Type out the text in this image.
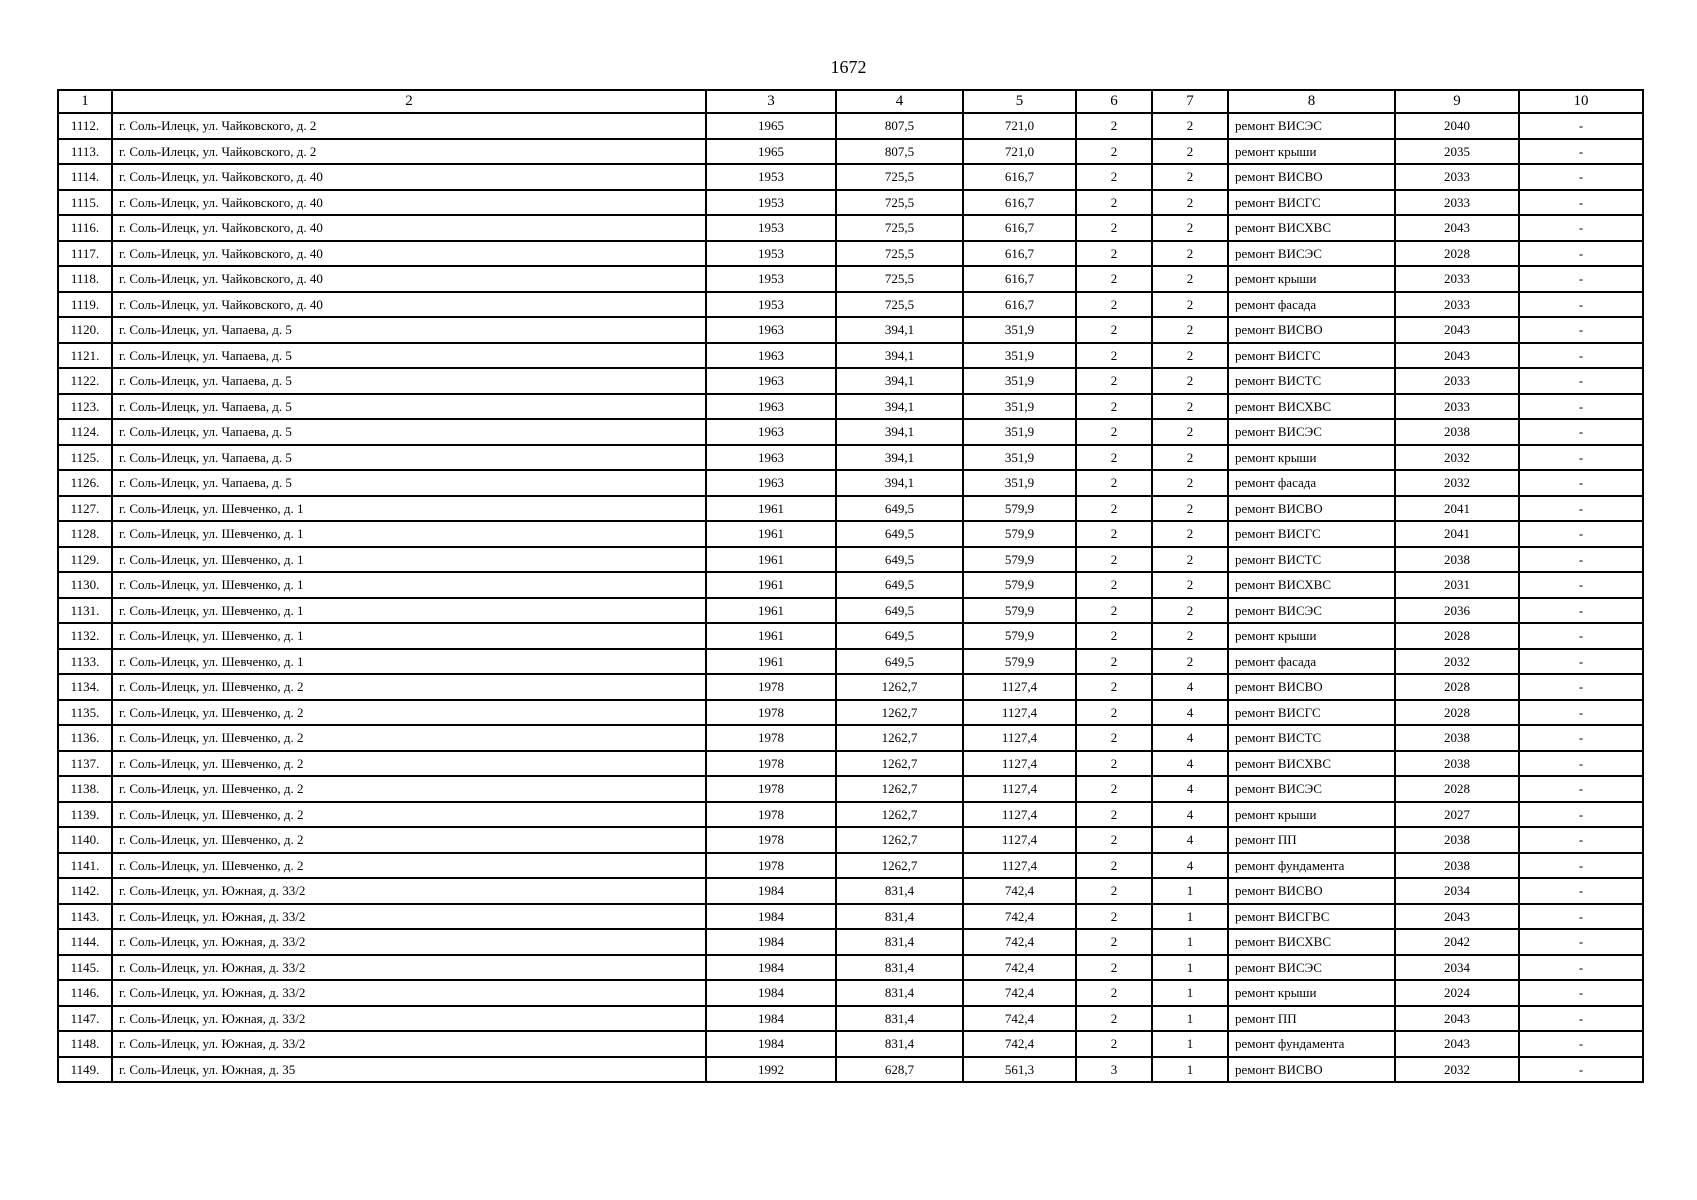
1672
1	2	3	4	5	6	7	8	9	10
1112.	г. Соль-Илецк, ул. Чайковского, д. 2	1965	807,5	721,0	2	2	ремонт ВИСЭС	2040	-
1113.	г. Соль-Илецк, ул. Чайковского, д. 2	1965	807,5	721,0	2	2	ремонт крыши	2035	-
1114.	г. Соль-Илецк, ул. Чайковского, д. 40	1953	725,5	616,7	2	2	ремонт ВИСВО	2033	-
1115.	г. Соль-Илецк, ул. Чайковского, д. 40	1953	725,5	616,7	2	2	ремонт ВИСГС	2033	-
1116.	г. Соль-Илецк, ул. Чайковского, д. 40	1953	725,5	616,7	2	2	ремонт ВИСХВС	2043	-
1117.	г. Соль-Илецк, ул. Чайковского, д. 40	1953	725,5	616,7	2	2	ремонт ВИСЭС	2028	-
1118.	г. Соль-Илецк, ул. Чайковского, д. 40	1953	725,5	616,7	2	2	ремонт крыши	2033	-
1119.	г. Соль-Илецк, ул. Чайковского, д. 40	1953	725,5	616,7	2	2	ремонт фасада	2033	-
1120.	г. Соль-Илецк, ул. Чапаева, д. 5	1963	394,1	351,9	2	2	ремонт ВИСВО	2043	-
1121.	г. Соль-Илецк, ул. Чапаева, д. 5	1963	394,1	351,9	2	2	ремонт ВИСГС	2043	-
1122.	г. Соль-Илецк, ул. Чапаева, д. 5	1963	394,1	351,9	2	2	ремонт ВИСТС	2033	-
1123.	г. Соль-Илецк, ул. Чапаева, д. 5	1963	394,1	351,9	2	2	ремонт ВИСХВС	2033	-
1124.	г. Соль-Илецк, ул. Чапаева, д. 5	1963	394,1	351,9	2	2	ремонт ВИСЭС	2038	-
1125.	г. Соль-Илецк, ул. Чапаева, д. 5	1963	394,1	351,9	2	2	ремонт крыши	2032	-
1126.	г. Соль-Илецк, ул. Чапаева, д. 5	1963	394,1	351,9	2	2	ремонт фасада	2032	-
1127.	г. Соль-Илецк, ул. Шевченко, д. 1	1961	649,5	579,9	2	2	ремонт ВИСВО	2041	-
1128.	г. Соль-Илецк, ул. Шевченко, д. 1	1961	649,5	579,9	2	2	ремонт ВИСГС	2041	-
1129.	г. Соль-Илецк, ул. Шевченко, д. 1	1961	649,5	579,9	2	2	ремонт ВИСТС	2038	-
1130.	г. Соль-Илецк, ул. Шевченко, д. 1	1961	649,5	579,9	2	2	ремонт ВИСХВС	2031	-
1131.	г. Соль-Илецк, ул. Шевченко, д. 1	1961	649,5	579,9	2	2	ремонт ВИСЭС	2036	-
1132.	г. Соль-Илецк, ул. Шевченко, д. 1	1961	649,5	579,9	2	2	ремонт крыши	2028	-
1133.	г. Соль-Илецк, ул. Шевченко, д. 1	1961	649,5	579,9	2	2	ремонт фасада	2032	-
1134.	г. Соль-Илецк, ул. Шевченко, д. 2	1978	1262,7	1127,4	2	4	ремонт ВИСВО	2028	-
1135.	г. Соль-Илецк, ул. Шевченко, д. 2	1978	1262,7	1127,4	2	4	ремонт ВИСГС	2028	-
1136.	г. Соль-Илецк, ул. Шевченко, д. 2	1978	1262,7	1127,4	2	4	ремонт ВИСТС	2038	-
1137.	г. Соль-Илецк, ул. Шевченко, д. 2	1978	1262,7	1127,4	2	4	ремонт ВИСХВС	2038	-
1138.	г. Соль-Илецк, ул. Шевченко, д. 2	1978	1262,7	1127,4	2	4	ремонт ВИСЭС	2028	-
1139.	г. Соль-Илецк, ул. Шевченко, д. 2	1978	1262,7	1127,4	2	4	ремонт крыши	2027	-
1140.	г. Соль-Илецк, ул. Шевченко, д. 2	1978	1262,7	1127,4	2	4	ремонт ПП	2038	-
1141.	г. Соль-Илецк, ул. Шевченко, д. 2	1978	1262,7	1127,4	2	4	ремонт фундамента	2038	-
1142.	г. Соль-Илецк, ул. Южная, д. 33/2	1984	831,4	742,4	2	1	ремонт ВИСВО	2034	-
1143.	г. Соль-Илецк, ул. Южная, д. 33/2	1984	831,4	742,4	2	1	ремонт ВИСГВС	2043	-
1144.	г. Соль-Илецк, ул. Южная, д. 33/2	1984	831,4	742,4	2	1	ремонт ВИСХВС	2042	-
1145.	г. Соль-Илецк, ул. Южная, д. 33/2	1984	831,4	742,4	2	1	ремонт ВИСЭС	2034	-
1146.	г. Соль-Илецк, ул. Южная, д. 33/2	1984	831,4	742,4	2	1	ремонт крыши	2024	-
1147.	г. Соль-Илецк, ул. Южная, д. 33/2	1984	831,4	742,4	2	1	ремонт ПП	2043	-
1148.	г. Соль-Илецк, ул. Южная, д. 33/2	1984	831,4	742,4	2	1	ремонт фундамента	2043	-
1149.	г. Соль-Илецк, ул. Южная, д. 35	1992	628,7	561,3	3	1	ремонт ВИСВО	2032	-
